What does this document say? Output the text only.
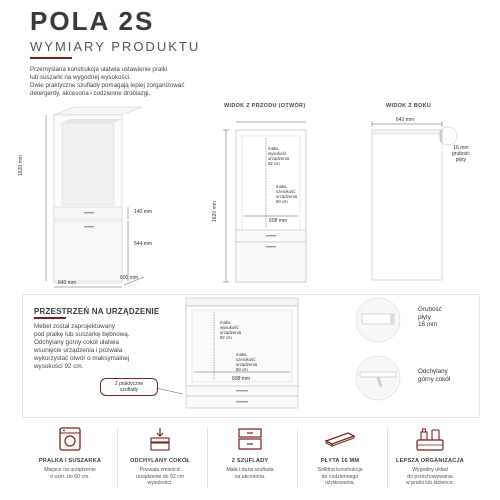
POLA 2S
WYMIARY PRODUKTU
Przemyślana konstrukcja ułatwia ustawienie pralki
lub suszarki na wygodnej wysokości.
Dwie praktyczne szuflady pomagają lepiej zorganizować
detergenty, akcesoria i codzienne drobiazgi.
1620 mm
140 mm
544 mm
640 mm
600 mm
WIDOK Z PRZODU (OTWÓR)
1620 mm
maks.
wysokość
urządzenia
92 cm
maks.
szerokość
urządzenia
60 cm
608 mm
WIDOK Z BOKU
642 mm
16 mm
grubość
płyty
PRZESTRZEŃ NA URZĄDZENIE
Mebel został zaprojektowany
pod pralkę lub suszarkę bębnową.
Odchylany górny cokół ułatwia
wsunięcie urządzenia i pozwala
wykorzystać otwór o maksymalnej
wysokości 92 cm.
maks.
wysokość
urządzenia
92 cm
maks.
szerokość
urządzenia
60 cm
608 mm
2 praktyczne
szuflady
Grubość
płyty
16 mm
Odchylany
górny cokół
PRALKA / SUSZARKA
Miejsce na urządzenie
o szer. do 60 cm.
ODCHYLANY COKÓŁ
Pozwala zmieścić
urządzenie do 92 cm
wysokości.
2 SZUFLADY
Mała i duża szuflada
na akcesoria.
PŁYTA 16 MM
Solidna konstrukcja
do codziennego
użytkowania.
LEPSZA ORGANIZACJA
Wygodny układ
do przechowywania
w pralni lub łazience.
